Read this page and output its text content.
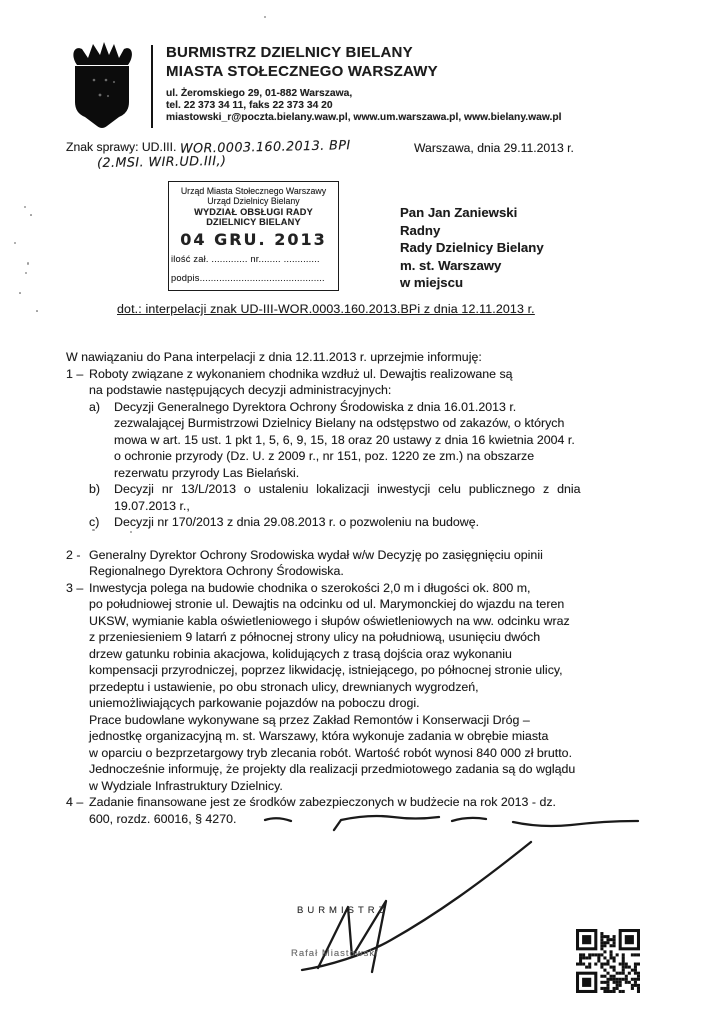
BURMISTRZ DZIELNICY BIELANY
MIASTA STOŁECZNEGO WARSZAWY
ul. Żeromskiego 29, 01-882 Warszawa,
tel. 22 373 34 11, faks 22 373 34 20
miastowski_r@poczta.bielany.waw.pl, www.um.warszawa.pl, www.bielany.waw.pl
Znak sprawy: UD.III. WOR.0003.160.2013. BPI
(2.MSI. WIR.UD.III,)
Warszawa, dnia 29.11.2013 r.
Urząd Miasta Stołecznego Warszawy
Urząd Dzielnicy Bielany
WYDZIAŁ OBSŁUGI RADY
DZIELNICY BIELANY
04 GRU. 2013
ilość zał. ............. nr........ .............
podpis.............................................
Pan Jan Zaniewski
Radny
Rady Dzielnicy Bielany
m. st. Warszawy
w miejscu
dot.: interpelacji znak UD-III-WOR.0003.160.2013.BPi z dnia 12.11.2013 r.
W nawiązaniu do Pana interpelacji z dnia 12.11.2013 r. uprzejmie informuję:
1 – Roboty związane z wykonaniem chodnika wzdłuż ul. Dewajtis realizowane są
na podstawie następujących decyzji administracyjnych:
a)	Decyzji Generalnego Dyrektora Ochrony Środowiska z dnia 16.01.2013 r.
zezwalającej Burmistrzowi Dzielnicy Bielany na odstępstwo od zakazów, o których
mowa w art. 15 ust. 1 pkt 1, 5, 6, 9, 15, 18 oraz 20 ustawy z dnia 16 kwietnia 2004 r.
o ochronie przyrody (Dz. U. z 2009 r., nr 151, poz. 1220 ze zm.) na obszarze
rezerwatu przyrody Las Bielański.
b)	Decyzji nr 13/L/2013 o ustaleniu lokalizacji inwestycji celu publicznego z dnia
19.07.2013 r.,
c)	Decyzji nr 170/2013 z dnia 29.08.2013 r. o pozwoleniu na budowę.
2 - Generalny Dyrektor Ochrony Srodowiska wydał w/w Decyzję po zasięgnięciu opinii
Regionalnego Dyrektora Ochrony Środowiska.
3 – Inwestycja polega na budowie chodnika o szerokości 2,0 m i długości ok. 800 m,
po południowej stronie ul. Dewajtis na odcinku od ul. Marymonckiej do wjazdu na teren
UKSW, wymianie kabla oświetleniowego i słupów oświetleniowych na ww. odcinku wraz
z przeniesieniem 9 latarń z północnej strony ulicy na południową, usunięciu dwóch
drzew gatunku robinia akacjowa, kolidujących z trasą dojścia oraz wykonaniu
kompensacji przyrodniczej, poprzez likwidację, istniejącego, po północnej stronie ulicy,
przedeptu i ustawienie, po obu stronach ulicy, drewnianych wygrodzeń,
uniemożliwiających parkowanie pojazdów na poboczu drogi.
Prace budowlane wykonywane są przez Zakład Remontów i Konserwacji Dróg –
jednostkę organizacyjną m. st. Warszawy, która wykonuje zadania w obrębie miasta
w oparciu o bezprzetargowy tryb zlecania robót. Wartość robót wynosi 840 000 zł brutto.
Jednocześnie informuję, że projekty dla realizacji przedmiotowego zadania są do wglądu
w Wydziale Infrastruktury Dzielnicy.
4 – Zadanie finansowane jest ze środków zabezpieczonych w budżecie na rok 2013 - dz.
600, rozdz. 60016, § 4270.
BURMISTRZ
Rafał Miastowski
